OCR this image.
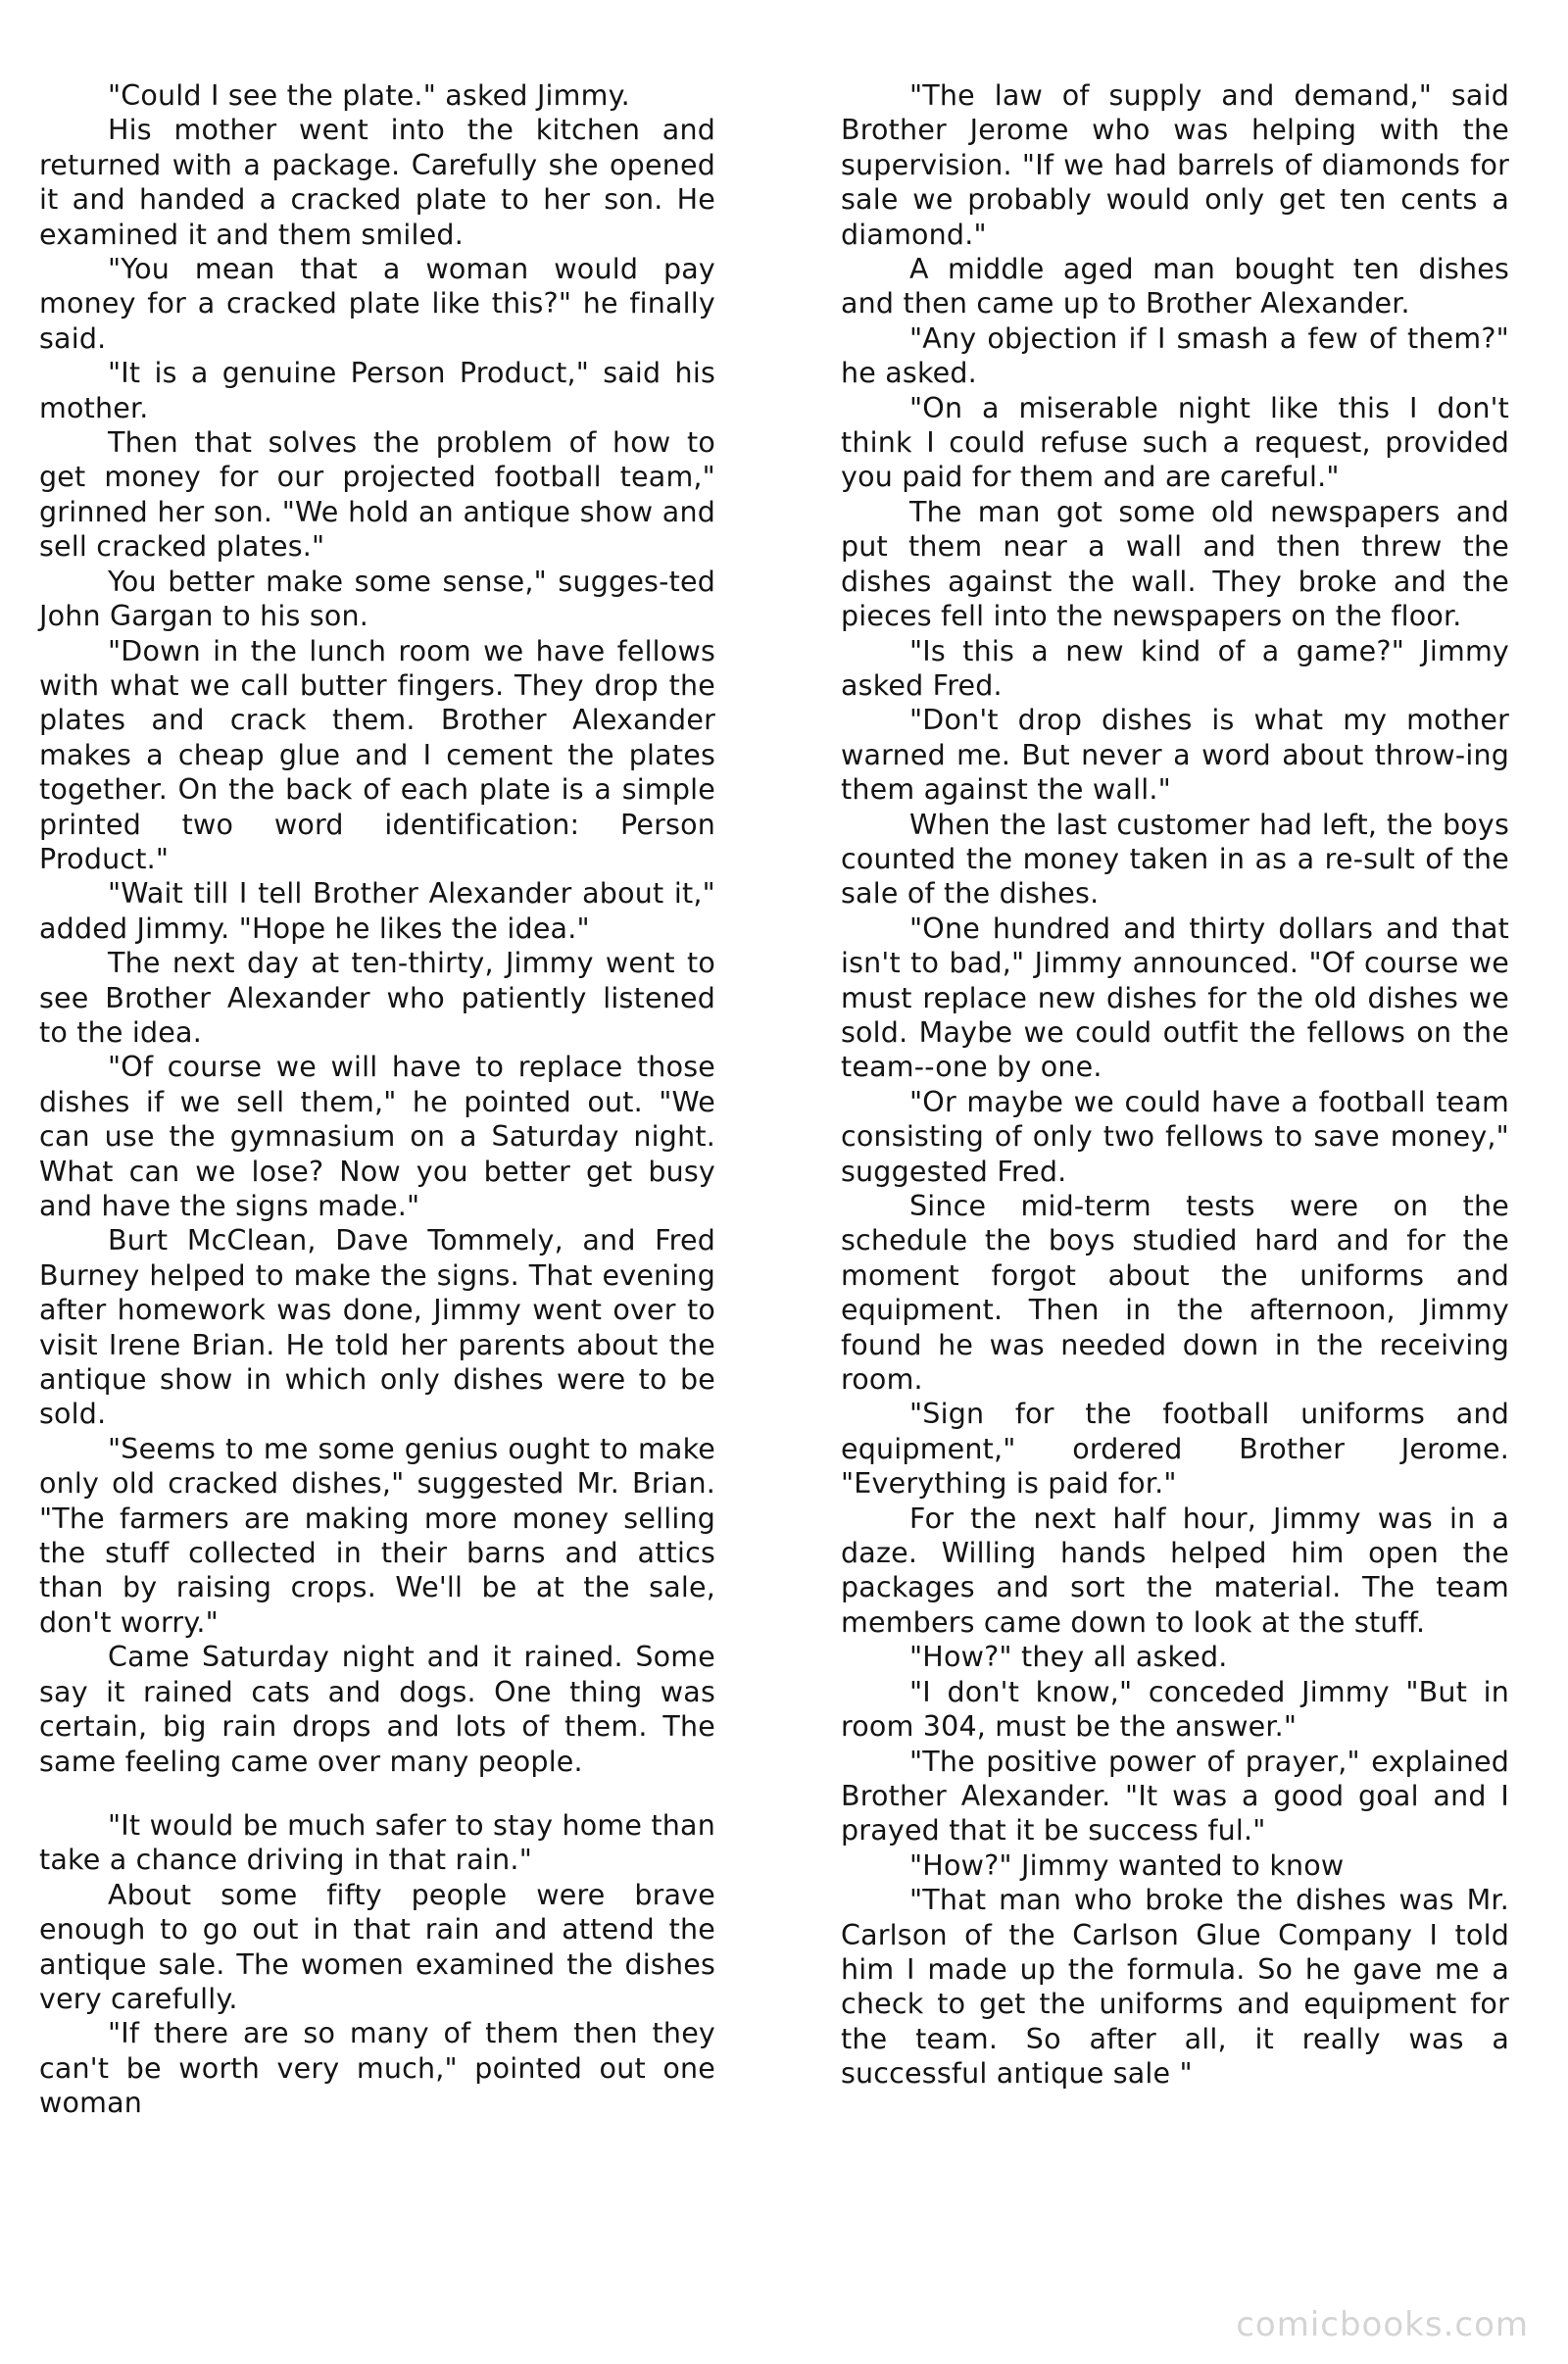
"Could I see the plate." asked Jimmy.

His mother went into the kitchen and returned with a package. Carefully she opened it and handed a cracked plate to her son. He examined it and them smiled.

"You mean that a woman would pay money for a cracked plate like this?" he finally said.

"It is a genuine Person Product," said his mother.

Then that solves the problem of how to get money for our projected football team," grinned her son. "We hold an antique show and sell cracked plates."

You better make some sense," sugges-ted John Gargan to his son.

"Down in the lunch room we have fellows with what we call butter fingers. They drop the plates and crack them. Brother Alexander makes a cheap glue and I cement the plates together. On the back of each plate is a simple printed two word identification: Person Product."

"Wait till I tell Brother Alexander about it," added Jimmy. "Hope he likes the idea."

The next day at ten-thirty, Jimmy went to see Brother Alexander who patiently listened to the idea.

"Of course we will have to replace those dishes if we sell them," he pointed out. "We can use the gymnasium on a Saturday night. What can we lose? Now you better get busy and have the signs made."

Burt McClean, Dave Tommely, and Fred Burney helped to make the signs. That evening after homework was done, Jimmy went over to visit Irene Brian. He told her parents about the antique show in which only dishes were to be sold.

"Seems to me some genius ought to make only old cracked dishes," suggested Mr. Brian. "The farmers are making more money selling the stuff collected in their barns and attics than by raising crops. We'll be at the sale, don't worry."

Came Saturday night and it rained. Some say it rained cats and dogs. One thing was certain, big rain drops and lots of them. The same feeling came over many people.

"It would be much safer to stay home than take a chance driving in that rain."

About some fifty people were brave enough to go out in that rain and attend the antique sale. The women examined the dishes very carefully.

"If there are so many of them then they can't be worth very much," pointed out one woman

"The law of supply and demand," said Brother Jerome who was helping with the supervision. "If we had barrels of diamonds for sale we probably would only get ten cents a diamond."

A middle aged man bought ten dishes and then came up to Brother Alexander.

"Any objection if I smash a few of them?" he asked.

"On a miserable night like this I don't think I could refuse such a request, provided you paid for them and are careful."

The man got some old newspapers and put them near a wall and then threw the dishes against the wall. They broke and the pieces fell into the newspapers on the floor.

"Is this a new kind of a game?" Jimmy asked Fred.

"Don't drop dishes is what my mother warned me. But never a word about throw-ing them against the wall."

When the last customer had left, the boys counted the money taken in as a re-sult of the sale of the dishes.

"One hundred and thirty dollars and that isn't to bad," Jimmy announced. "Of course we must replace new dishes for the old dishes we sold. Maybe we could outfit the fellows on the team--one by one.

"Or maybe we could have a football team consisting of only two fellows to save money," suggested Fred.

Since mid-term tests were on the schedule the boys studied hard and for the moment forgot about the uniforms and equipment. Then in the afternoon, Jimmy found he was needed down in the receiving room.

"Sign for the football uniforms and equipment," ordered Brother Jerome. "Everything is paid for."

For the next half hour, Jimmy was in a daze. Willing hands helped him open the packages and sort the material. The team members came down to look at the stuff.

"How?" they all asked.

"I don't know," conceded Jimmy "But in room 304, must be the answer."

"The positive power of prayer," explained Brother Alexander. "It was a good goal and I prayed that it be success ful."

"How?" Jimmy wanted to know

"That man who broke the dishes was Mr. Carlson of the Carlson Glue Company I told him I made up the formula. So he gave me a check to get the uniforms and equipment for the team. So after all, it really was a successful antique sale "

comicbooks.com
